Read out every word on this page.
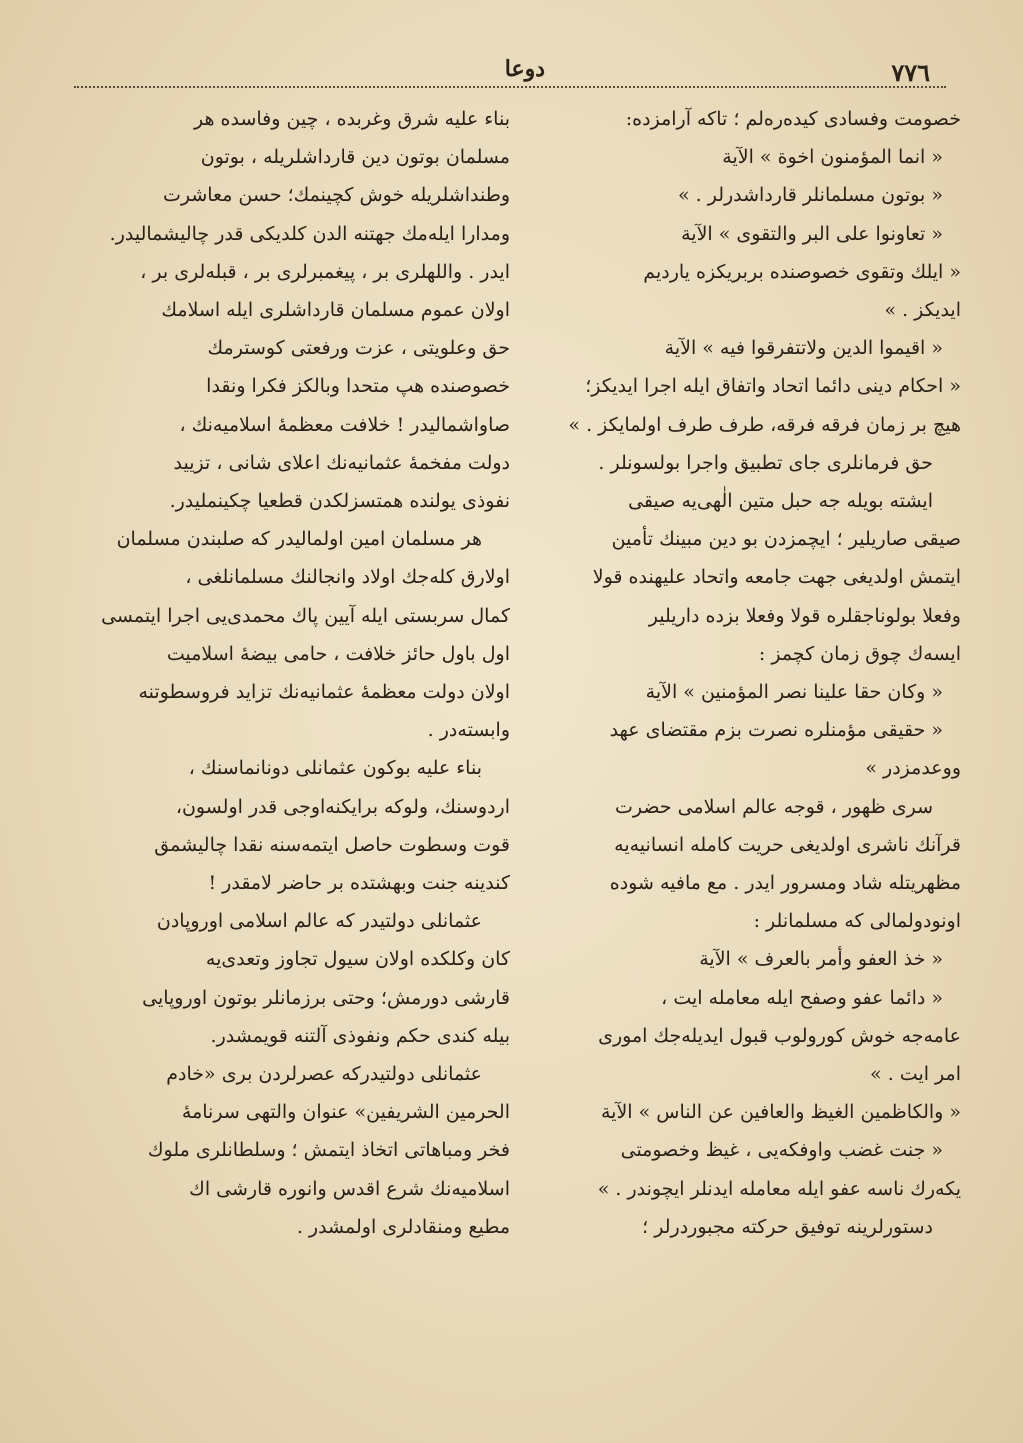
٧٧٦
دوعا
خصومت وفسادی کیده‌ره‌لم ؛ تاکه آرامزده:
« انما المؤمنون اخوة » الآية
« بوتون مسلمانلر قارداشدرلر . »
« تعاونوا علی البر والتقوی » الآية
« ایلك وتقوی خصوصنده بربریکزه یاردیم
ایدیکز . »
« اقیموا الدین ولاتتفرقوا فیه » الآية
« احکام دینی دائما اتحاد واتفاق ایله اجرا ایدیکز؛
هیچ بر زمان فرقه فرقه، طرف طرف اولمایکز . »
حق فرمانلری جای تطبیق واجرا بولسونلر .
ایشته بویله جه حبل متین الٰهی‌یه صیقی
صیقی صاریلیر ؛ ایچمزدن بو دین مبینك تأمین
ایتمش اولدیغی جهت جامعه واتحاد علیهنده قولا
وفعلا بولوناجقلره قولا وفعلا بزده داریلیر
ایسه‌ك چوق زمان کچمز :
« وکان حقا علینا نصر المؤمنین » الآية
« حقیقی مؤمنلره نصرت بزم مقتضای عهد
ووعدمزدر »
سری ظهور ، قوجه عالم اسلامی حضرت
قرآنك ناشری اولدیغی حریت کامله انسانیه‌یه
مظهریتله شاد ومسرور ایدر . مع مافیه شوده
اونودولمالی که مسلمانلر :
« خذ العفو وأمر بالعرف » الآية
« دائما عفو وصفح ایله معامله ایت ،
عامه‌جه خوش کورولوب قبول ایدیله‌جك اموری
امر ایت . »
« والکاظمین الغیظ والعافین عن الناس » الآية
« جنت غضب واوفکه‌یی ، غیظ وخصومتی
یکه‌رك ناسه عفو ایله معامله ایدنلر ایچوندر . »
دستورلرینه توفیق حرکته مجبوردرلر ؛
بناء علیه شرق وغربده ، چین وفاسده هر
مسلمان بوتون دین قارداشلریله ، بوتون
وطنداشلریله خوش کچینمك؛ حسن معاشرت
ومدارا ایله‌مك جهتنه الدن کلدیکی قدر چالیشمالیدر.
ایدر . واللهلری بر ، پیغمبرلری بر ، قبله‌لری بر ،
اولان عموم مسلمان قارداشلری ایله اسلامك
حق وعلویتی ، عزت ورفعتی کوسترمك
خصوصنده هپ متحدا وبالکز فکرا ونقدا
صاواشمالیدر ! خلافت معظمهٔ اسلامیه‌نك ،
دولت مفخمهٔ عثمانیه‌نك اعلای شانی ، تزیید
نفوذی یولنده همتسزلکدن قطعیا چکینملیدر.
هر مسلمان امین اولمالیدر که صلبندن مسلمان
اولارق کله‌جك اولاد وانجالنك مسلمانلغی ،
کمال سربستی ایله آیین پاك محمدی‌یی اجرا ایتمسی
اول باول حائز خلافت ، حامی بیضهٔ اسلامیت
اولان دولت معظمهٔ عثمانیه‌نك تزاید فروسطوتنه
وابسته‌در .
بناء علیه بوکون عثمانلی دونانماسنك ،
اردوسنك، ولوکه برایکنه‌اوجی قدر اولسون،
قوت وسطوت حاصل ایتمه‌سنه نقدا چالیشمق
کندینه جنت وبهشتده بر حاضر لامقدر !
عثمانلی دولتیدر که عالم اسلامی اوروپادن
کان وکلکده اولان سیول تجاوز وتعدی‌یه
قارشی دورمش؛ وحتی برزمانلر بوتون اوروپایی
بیله کندی حکم ونفوذی آلتنه قویمشدر.
عثمانلی دولتیدرکه عصرلردن بری «خادم
الحرمین الشریفین» عنوان والتهی سرنامهٔ
فخر ومباهاتی اتخاذ ایتمش ؛ وسلطانلری ملوك
اسلامیه‌نك شرع اقدس وانوره قارشی اك
مطیع ومنقادلری اولمشدر .
